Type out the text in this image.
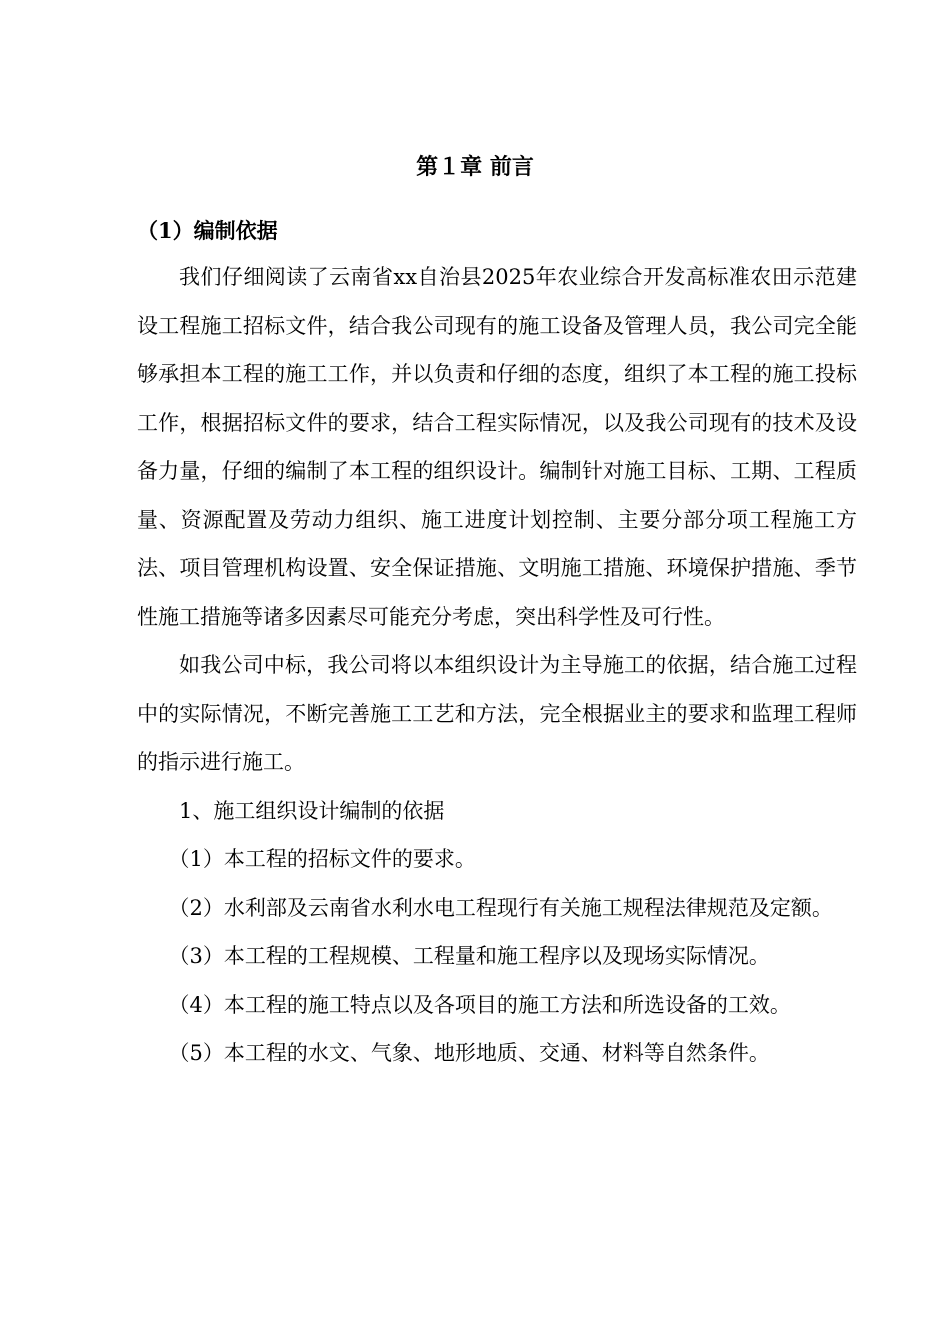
第１章 前言
（1）编制依据

我们仔细阅读了云南省xx自治县2025年农业综合开发高标准农田示范建设工程施工招标文件，结合我公司现有的施工设备及管理人员，我公司完全能够承担本工程的施工工作，并以负责和仔细的态度，组织了本工程的施工投标工作，根据招标文件的要求，结合工程实际情况，以及我公司现有的技术及设备力量，仔细的编制了本工程的组织设计。编制针对施工目标、工期、工程质量、资源配置及劳动力组织、施工进度计划控制、主要分部分项工程施工方法、项目管理机构设置、安全保证措施、文明施工措施、环境保护措施、季节性施工措施等诸多因素尽可能充分考虑，突出科学性及可行性。

如我公司中标，我公司将以本组织设计为主导施工的依据，结合施工过程中的实际情况，不断完善施工工艺和方法，完全根据业主的要求和监理工程师的指示进行施工。

1、施工组织设计编制的依据

（1）本工程的招标文件的要求。

（2）水利部及云南省水利水电工程现行有关施工规程法律规范及定额。

（3）本工程的工程规模、工程量和施工程序以及现场实际情况。

（4）本工程的施工特点以及各项目的施工方法和所选设备的工效。

（5）本工程的水文、气象、地形地质、交通、材料等自然条件。
